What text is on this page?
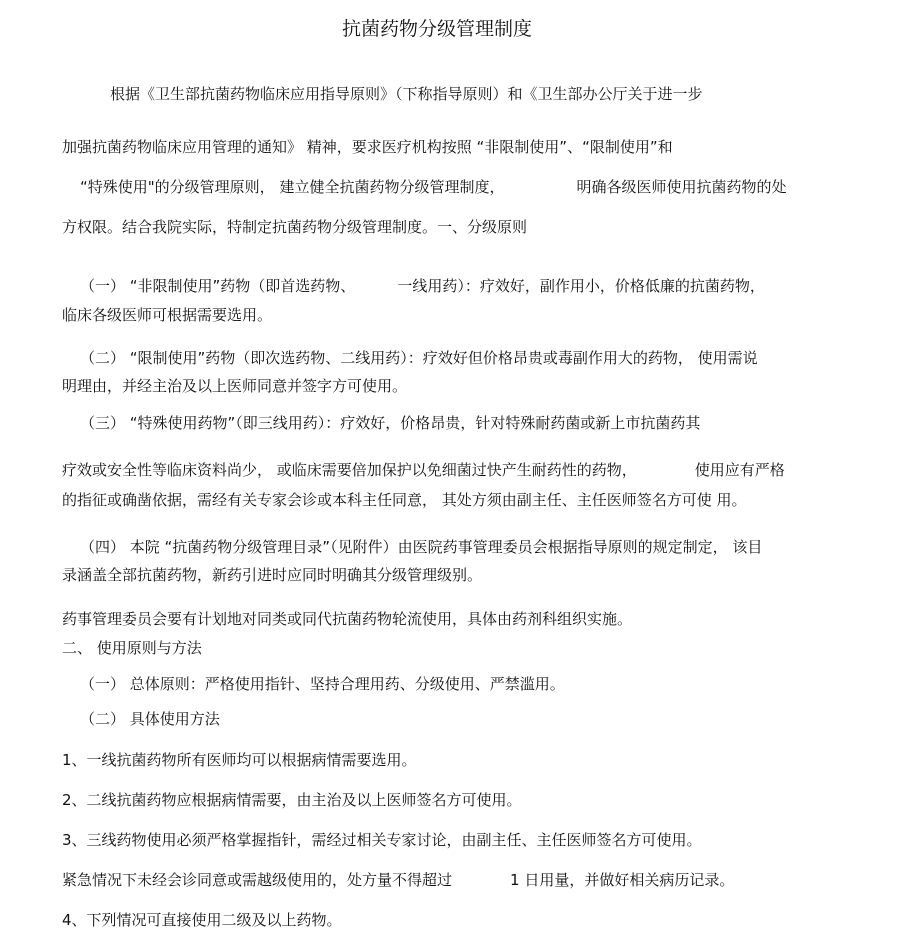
抗菌药物分级管理制度

根据《卫生部抗菌药物临床应用指导原则》（下称指导原则）和《卫生部办公厅关于进一步

加强抗菌药物临床应用管理的通知》 精神，要求医疗机构按照 “非限制使用”、“限制使用”和

“特殊使用"的分级管理原则， 建立健全抗菌药物分级管理制度，	明确各级医师使用抗菌药物的处

方权限。结合我院实际，特制定抗菌药物分级管理制度。一、分级原则

（一） “非限制使用”药物（即首选药物、	一线用药）：疗效好，副作用小，价格低廉的抗菌药物，

临床各级医师可根据需要选用。

（二） “限制使用”药物（即次选药物、二线用药）：疗效好但价格昂贵或毒副作用大的药物， 使用需说

明理由，并经主治及以上医师同意并签字方可使用。

（三） “特殊使用药物”（即三线用药）：疗效好，价格昂贵，针对特殊耐药菌或新上市抗菌药其

疗效或安全性等临床资料尚少， 或临床需要倍加保护以免细菌过快产生耐药性的药物，	使用应有严格

的指征或确凿依据，需经有关专家会诊或本科主任同意， 其处方须由副主任、主任医师签名方可使 用。

（四） 本院 “抗菌药物分级管理目录”（见附件）由医院药事管理委员会根据指导原则的规定制定， 该目

录涵盖全部抗菌药物，新药引进时应同时明确其分级管理级别。

药事管理委员会要有计划地对同类或同代抗菌药物轮流使用，具体由药剂科组织实施。

二、 使用原则与方法

（一） 总体原则：严格使用指针、坚持合理用药、分级使用、严禁滥用。

（二） 具体使用方法

1、一线抗菌药物所有医师均可以根据病情需要选用。

2、二线抗菌药物应根据病情需要，由主治及以上医师签名方可使用。

3、三线药物使用必须严格掌握指针，需经过相关专家讨论，由副主任、主任医师签名方可使用。

紧急情况下未经会诊同意或需越级使用的，处方量不得超过	1 日用量，并做好相关病历记录。

4、下列情况可直接使用二级及以上药物。
